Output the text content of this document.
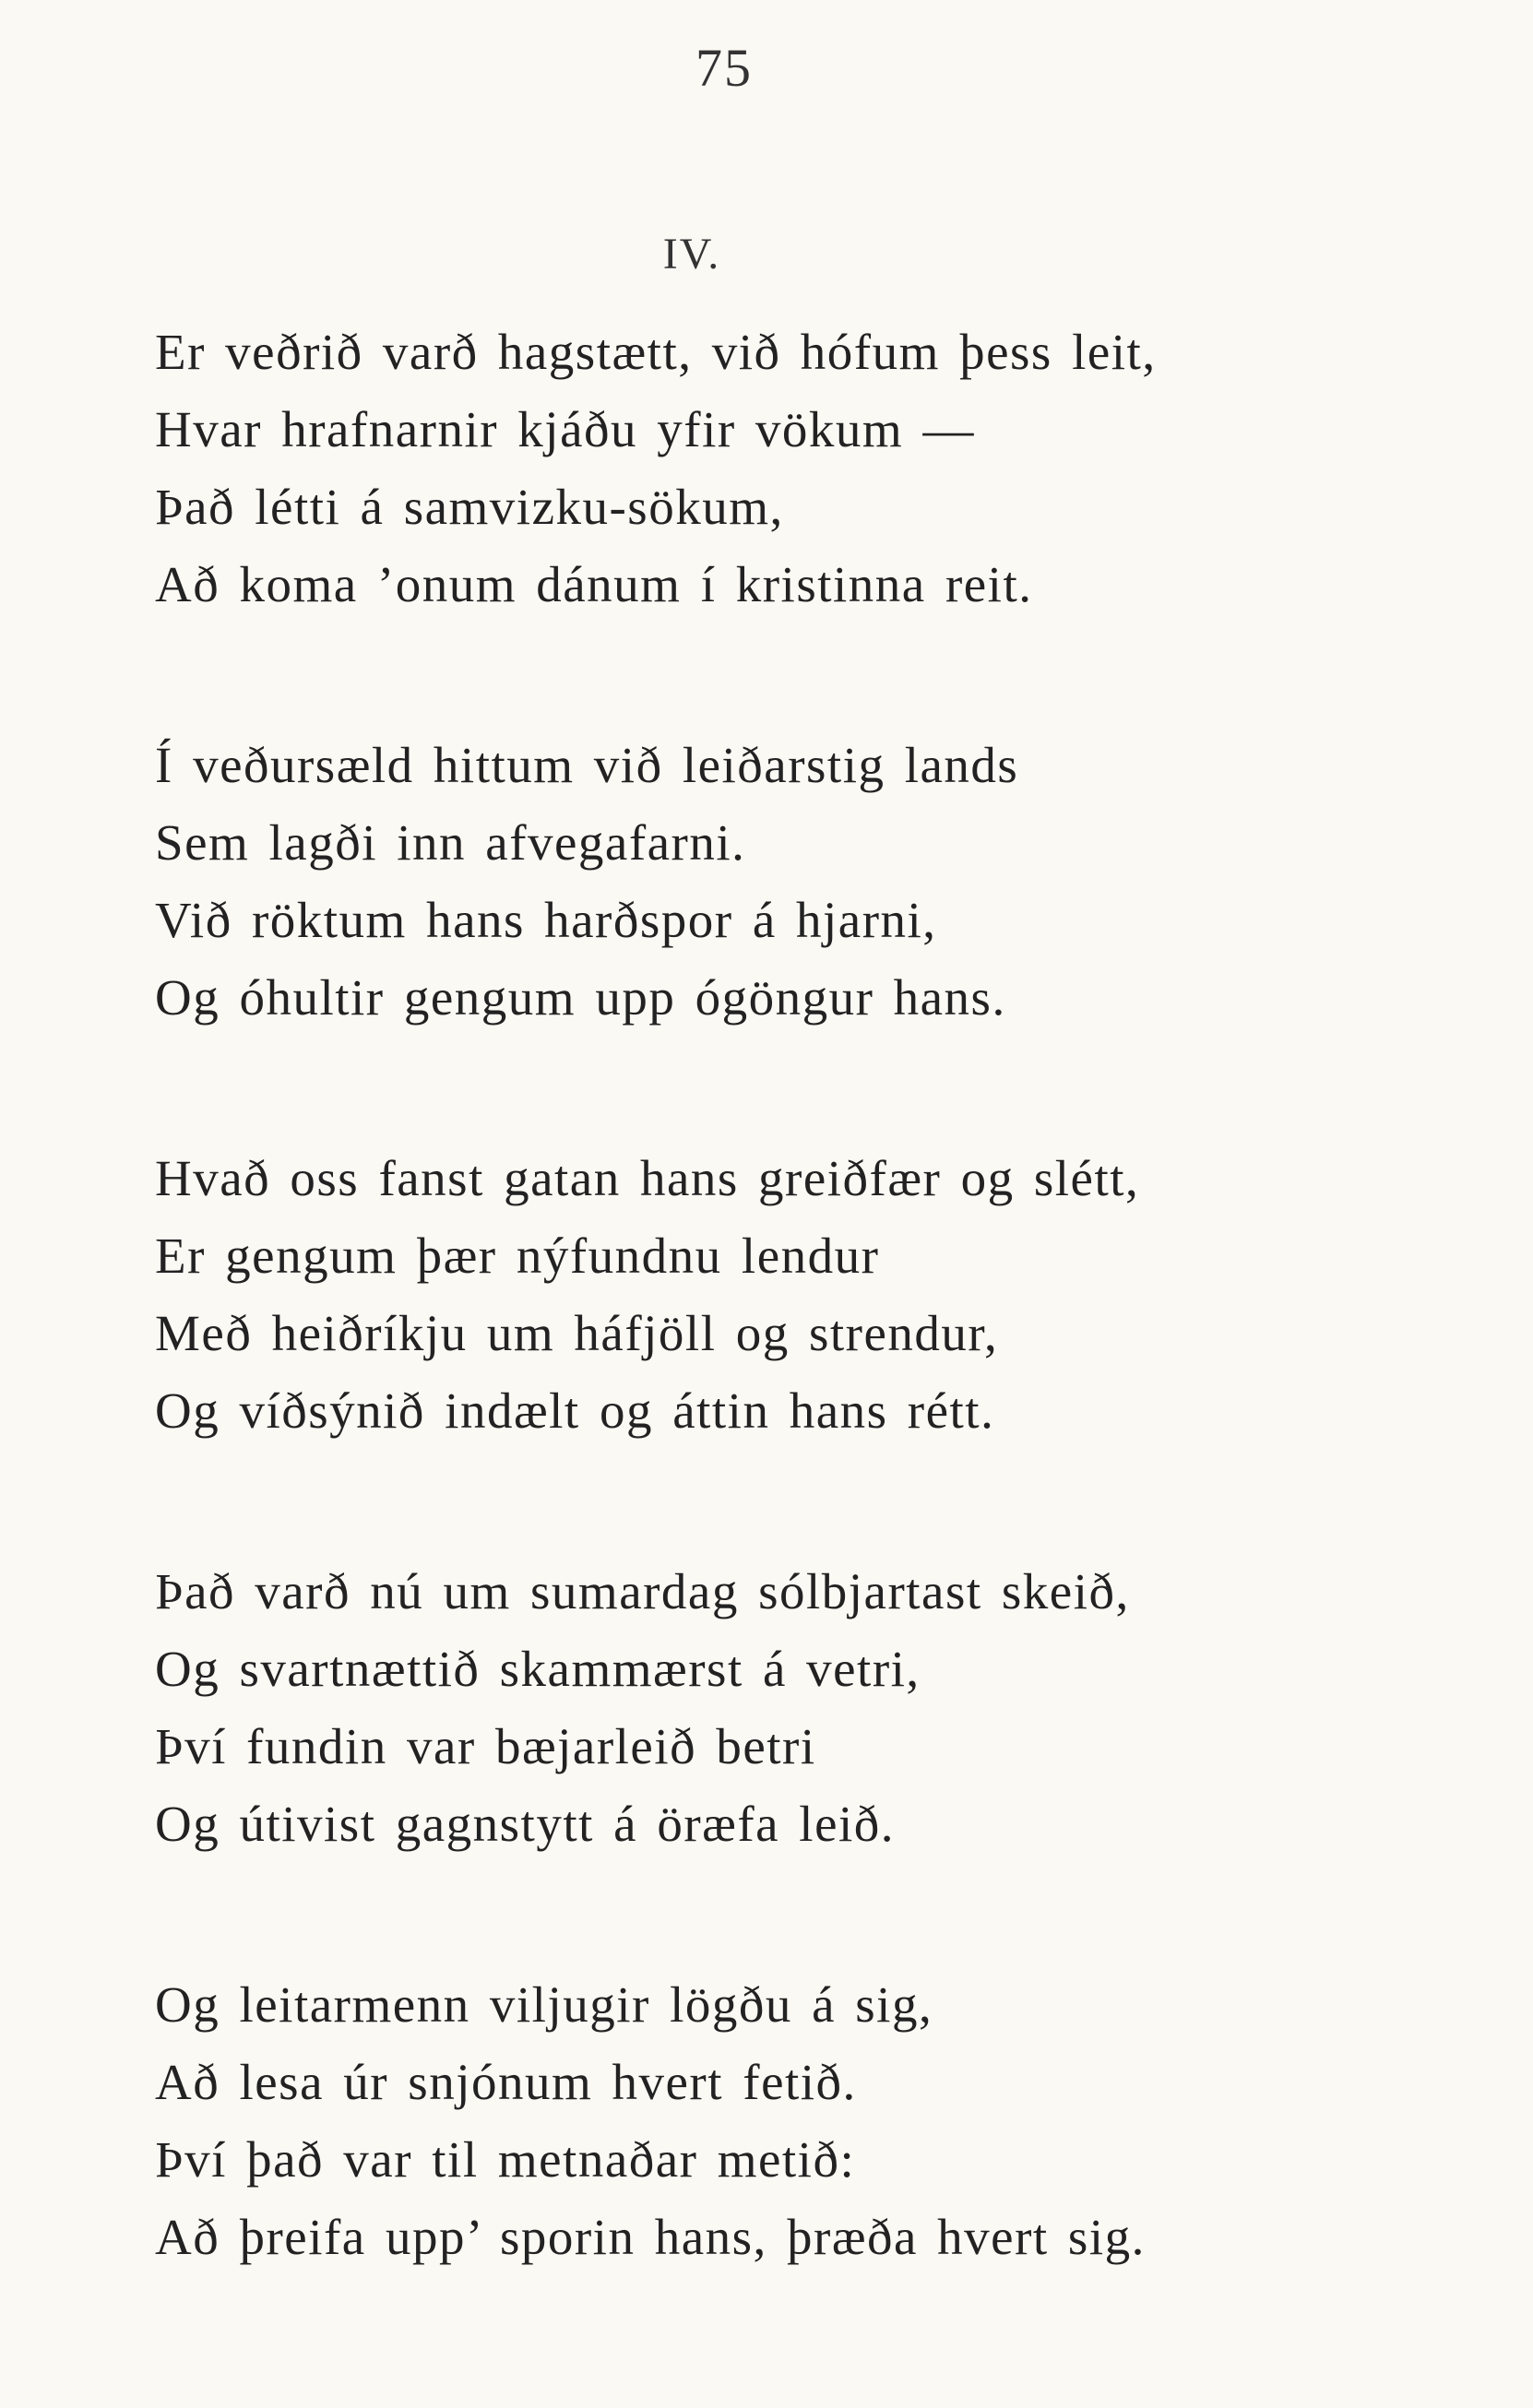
75
IV.
Er veðrið varð hagstætt, við hófum þess leit,
Hvar hrafnarnir kjáðu yfir vökum —
Það létti á samvizku-sökum,
Að koma ’onum dánum í kristinna reit.
Í veðursæld hittum við leiðarstig lands
Sem lagði inn afvegafarni.
Við röktum hans harðspor á hjarni,
Og óhultir gengum upp ógöngur hans.
Hvað oss fanst gatan hans greiðfær og slétt,
Er gengum þær nýfundnu lendur
Með heiðríkju um háfjöll og strendur,
Og víðsýnið indælt og áttin hans rétt.
Það varð nú um sumardag sólbjartast skeið,
Og svartnættið skammærst á vetri,
Því fundin var bæjarleið betri
Og útivist gagnstytt á öræfa leið.
Og leitarmenn viljugir lögðu á sig,
Að lesa úr snjónum hvert fetið.
Því það var til metnaðar metið:
Að þreifa upp’ sporin hans, þræða hvert sig.
